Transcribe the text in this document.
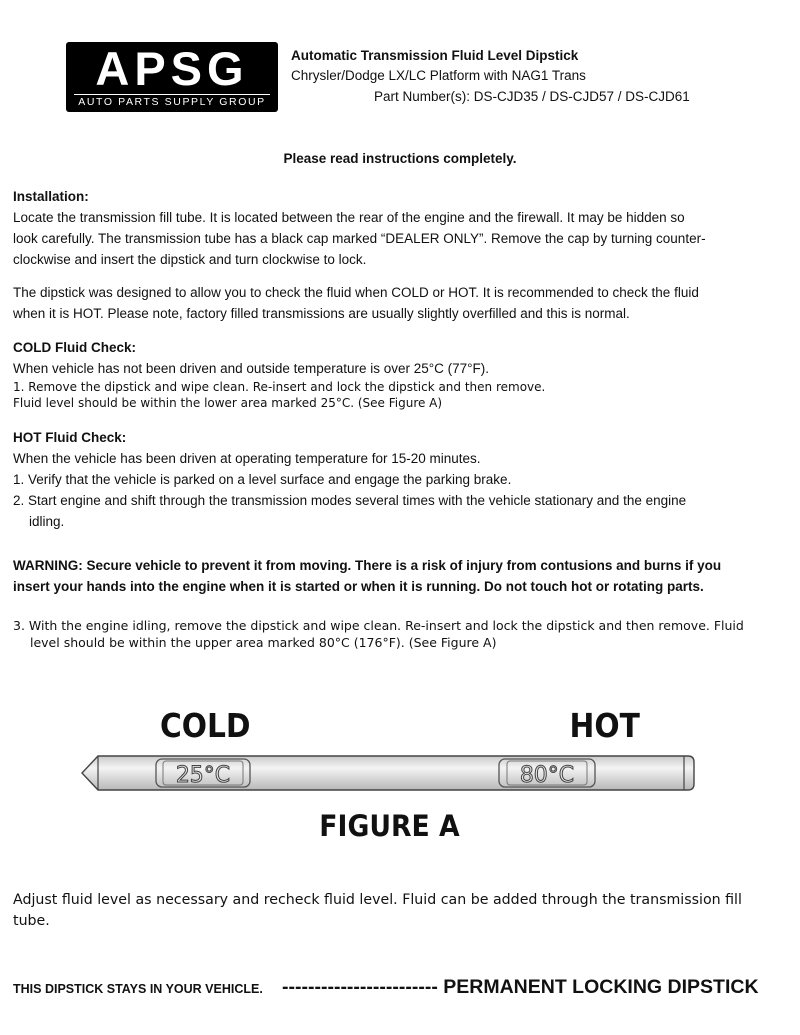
APSG
AUTO PARTS SUPPLY GROUP
Automatic Transmission Fluid Level Dipstick
Chrysler/Dodge LX/LC Platform with NAG1 Trans
Part Number(s): DS-CJD35 / DS-CJD57 / DS-CJD61
Please read instructions completely.
Installation:
Locate the transmission fill tube. It is located between the rear of the engine and the firewall. It may be hidden so
look carefully. The transmission tube has a black cap marked “DEALER ONLY”. Remove the cap by turning counter-
clockwise and insert the dipstick and turn clockwise to lock.
The dipstick was designed to allow you to check the fluid when COLD or HOT. It is recommended to check the fluid
when it is HOT. Please note, factory filled transmissions are usually slightly overfilled and this is normal.
COLD Fluid Check:
When vehicle has not been driven and outside temperature is over 25°C (77°F).
1. Remove the dipstick and wipe clean. Re-insert and lock the dipstick and then remove.
Fluid level should be within the lower area marked 25°C. (See Figure A)
HOT Fluid Check:
When the vehicle has been driven at operating temperature for 15-20 minutes.
1. Verify that the vehicle is parked on a level surface and engage the parking brake.
2. Start engine and shift through the transmission modes several times with the vehicle stationary and the engine
idling.
WARNING: Secure vehicle to prevent it from moving. There is a risk of injury from contusions and burns if you
insert your hands into the engine when it is started or when it is running. Do not touch hot or rotating parts.
3. With the engine idling, remove the dipstick and wipe clean. Re-insert and lock the dipstick and then remove. Fluid
level should be within the upper area marked 80°C (176°F). (See Figure A)
COLD	HOT
25°C	80°C
FIGURE A
Adjust fluid level as necessary and recheck fluid level. Fluid can be added through the transmission fill
tube.
THIS DIPSTICK STAYS IN YOUR VEHICLE. ------------------------ PERMANENT LOCKING DIPSTICK
